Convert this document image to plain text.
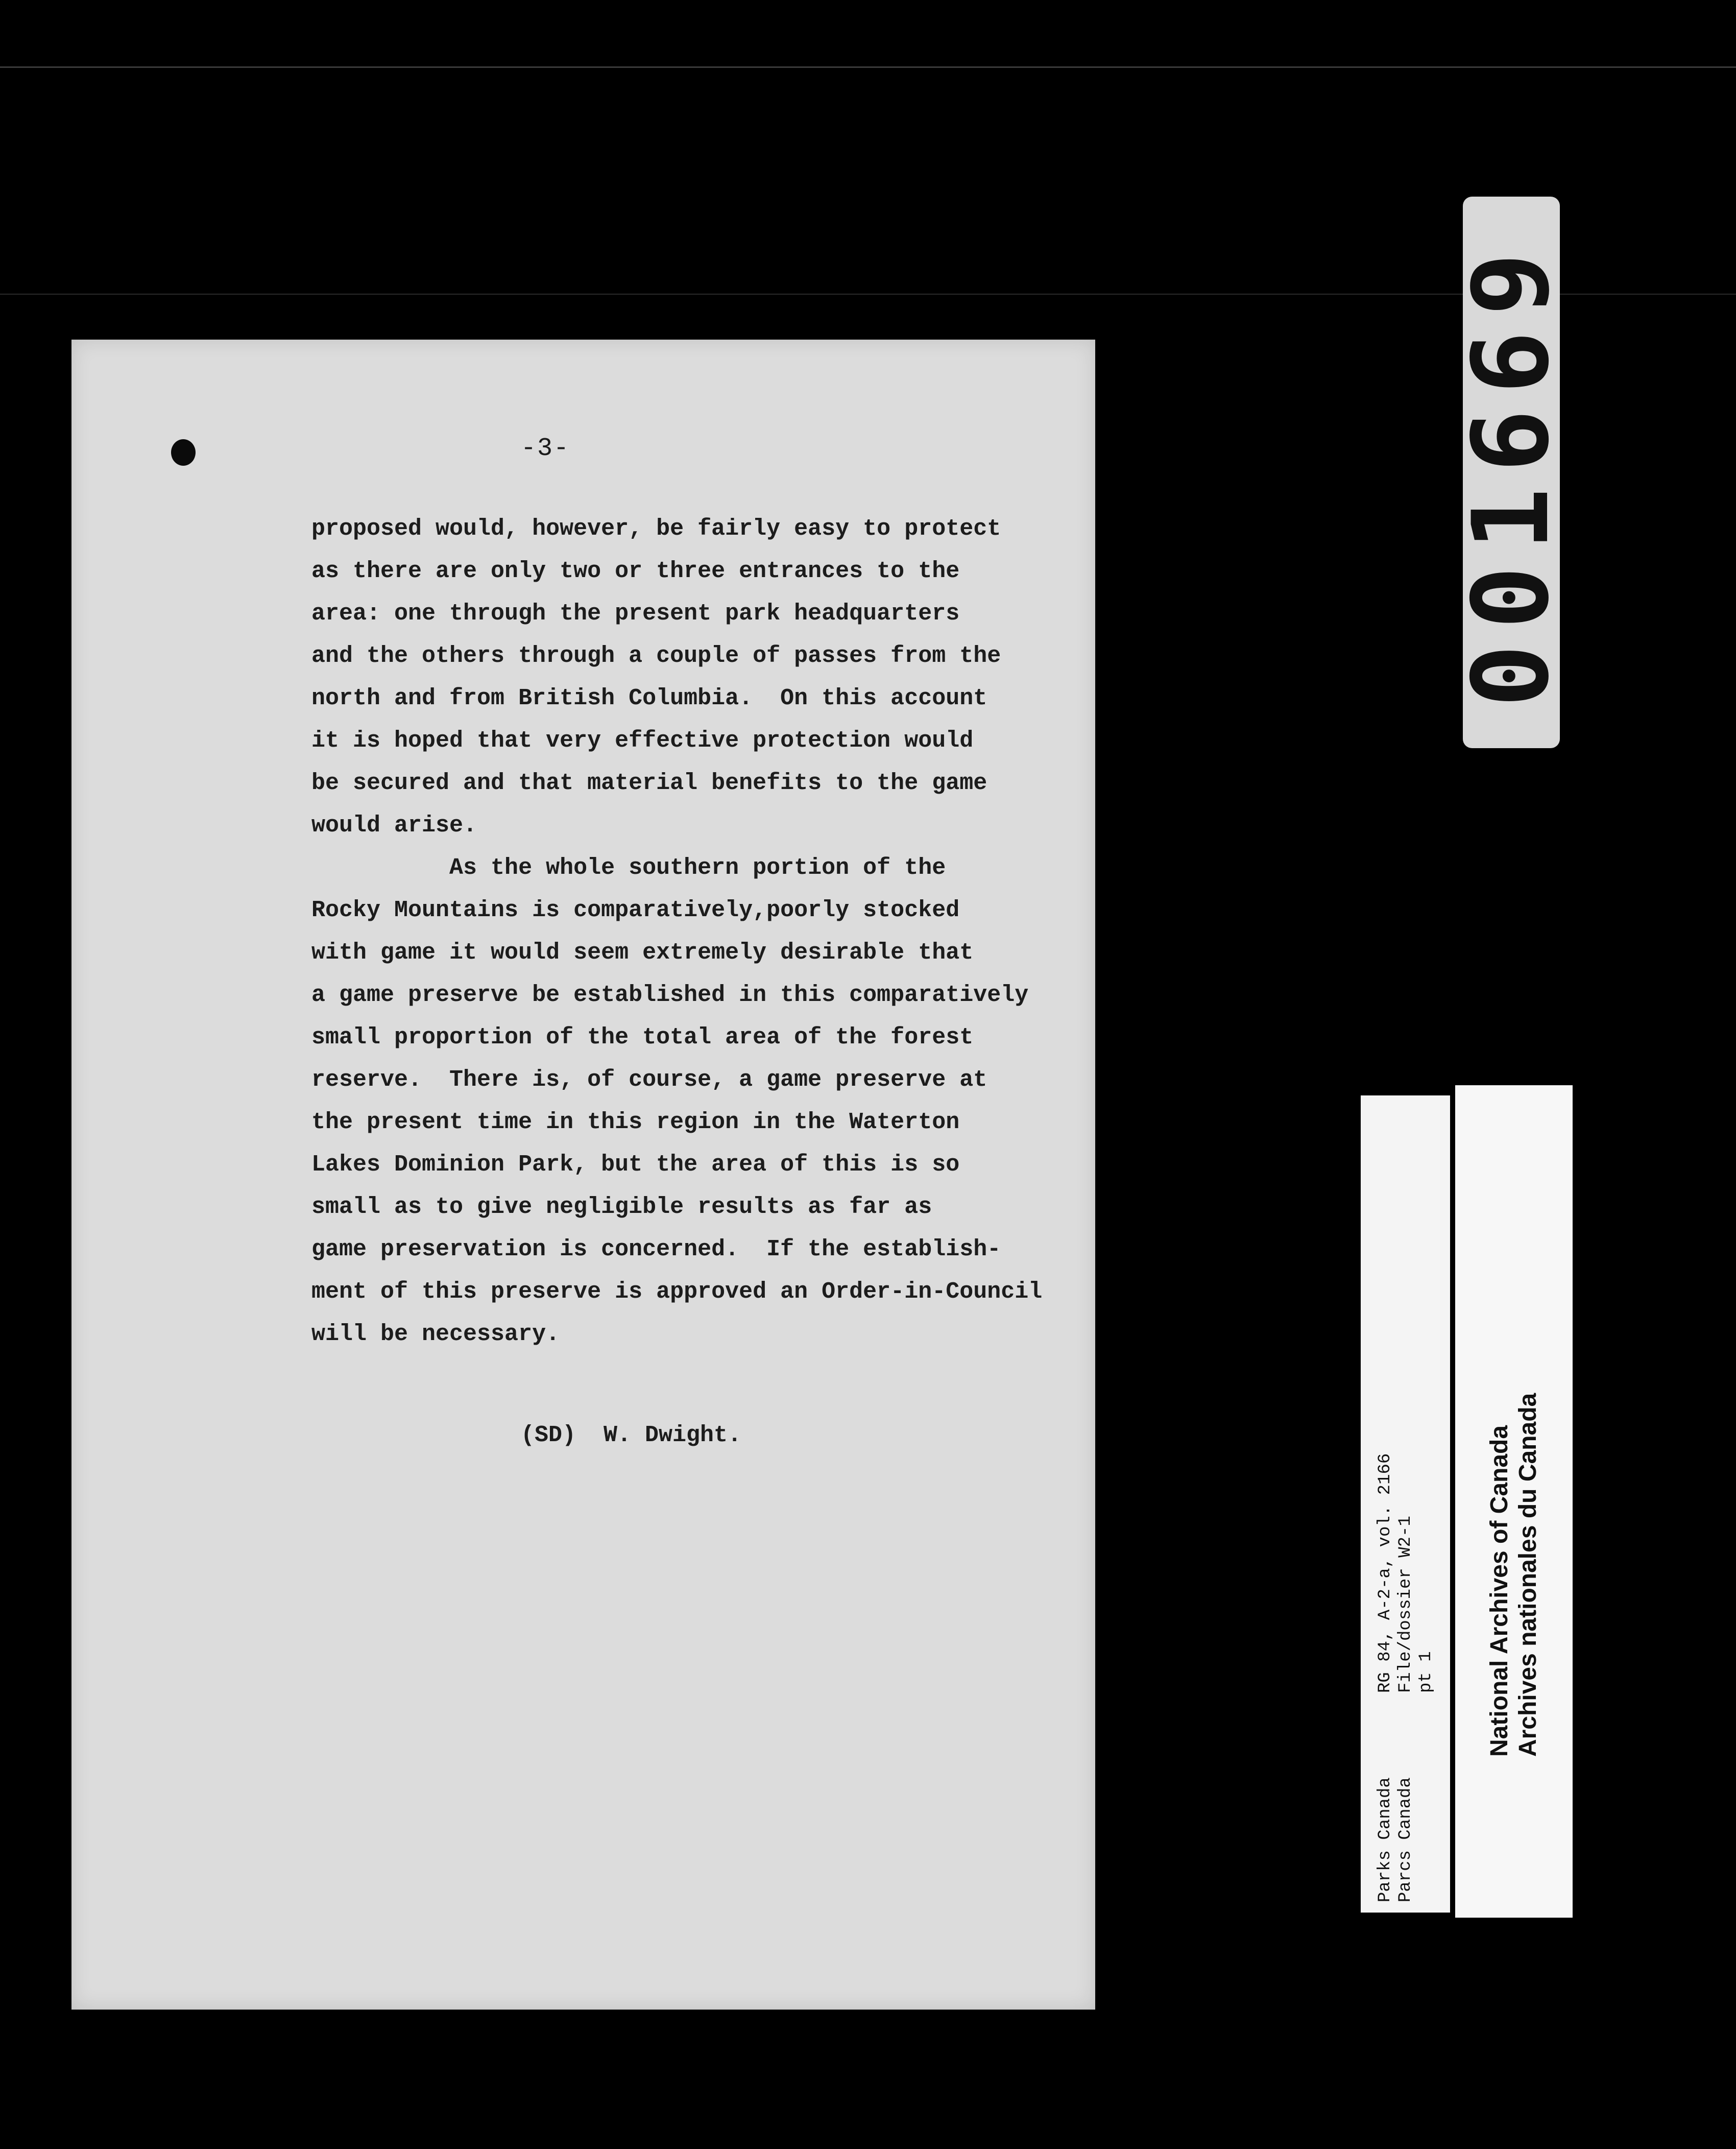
-3-
proposed would, however, be fairly easy to protect
as there are only two or three entrances to the
area: one through the present park headquarters
and the others through a couple of passes from the
north and from British Columbia.  On this account
it is hoped that very effective protection would
be secured and that material benefits to the game
would arise.
As the whole southern portion of the
Rocky Mountains is comparatively,poorly stocked
with game it would seem extremely desirable that
a game preserve be established in this comparatively
small proportion of the total area of the forest
reserve.  There is, of course, a game preserve at
the present time in this region in the Waterton
Lakes Dominion Park, but the area of this is so
small as to give negligible results as far as
game preservation is concerned.  If the establish-
ment of this preserve is approved an Order-in-Council
will be necessary.
(SD)  W. Dwight.
001669
Parks Canada Parcs Canada
RG 84, A-2-a, vol. 2166 File/dossier W2-1 pt 1 National Archives of Canada Archives nationales du Canada
